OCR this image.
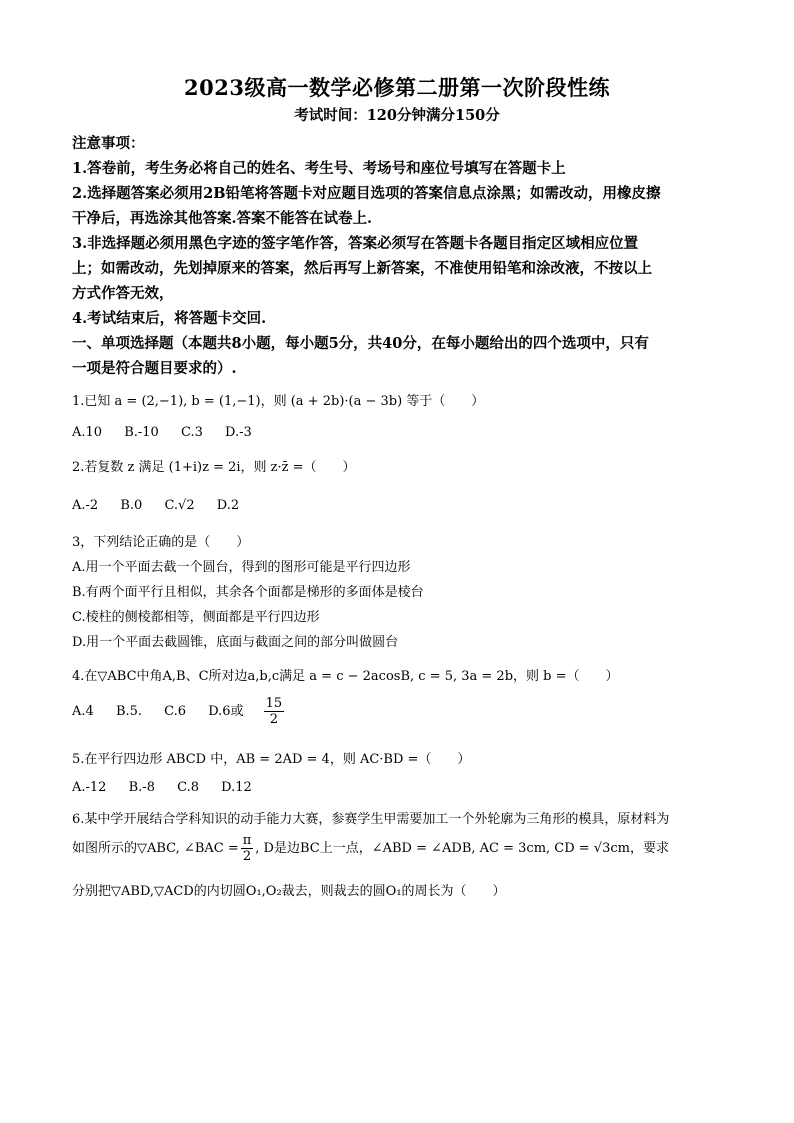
2023级高一数学必修第二册第一次阶段性练
考试时间：120分钟满分150分
注意事项：
1.答卷前，考生务必将自己的姓名、考生号、考场号和座位号填写在答题卡上
2.选择题答案必须用2B铅笔将答题卡对应题目选项的答案信息点涂黑；如需改动，用橡皮擦
干净后，再选涂其他答案.答案不能答在试卷上.
3.非选择题必须用黑色字迹的签字笔作答，答案必须写在答题卡各题目指定区域相应位置
上；如需改动，先划掉原来的答案，然后再写上新答案，不准使用铅笔和涂改液，不按以上
方式作答无效，
4.考试结束后，将答题卡交回.
一、单项选择题（本题共8小题，每小题5分，共40分，在每小题给出的四个选项中，只有
一项是符合题目要求的）.
1.已知 a = (2,−1), b = (1,−1)，则 (a + 2b)·(a − 3b) 等于（　　）
A.10 B.-10 C.3 D.-3
2.若复数 z 满足 (1+i)z = 2i，则 z·z̄ =（　　）
A.-2 B.0 C.√2 D.2
3，下列结论正确的是（　　）
A.用一个平面去截一个圆台，得到的图形可能是平行四边形
B.有两个面平行且相似，其余各个面都是梯形的多面体是棱台
C.棱柱的侧棱都相等，侧面都是平行四边形
D.用一个平面去截圆锥，底面与截面之间的部分叫做圆台
4.在▽ABC中角A,B、C所对边a,b,c满足 a = c − 2acosB, c = 5, 3a = 2b，则 b =（　　）
A.4 B.5. C.6 D.6或 $\frac{15}{2}$
5.在平行四边形 ABCD 中，AB = 2AD = 4，则 AC·BD =（　　）
A.-12 B.-8 C.8 D.12
6.某中学开展结合学科知识的动手能力大赛，参赛学生甲需要加工一个外轮廓为三角形的模具，原材料为
如图所示的▽ABC, ∠BAC = $\frac{\pi}{2}$ , D是边BC上一点，∠ABD = ∠ADB, AC = 3cm, CD = √3cm，要求
分别把▽ABD,▽ACD的内切圆O₁,O₂裁去，则裁去的圆O₁的周长为（　　）
